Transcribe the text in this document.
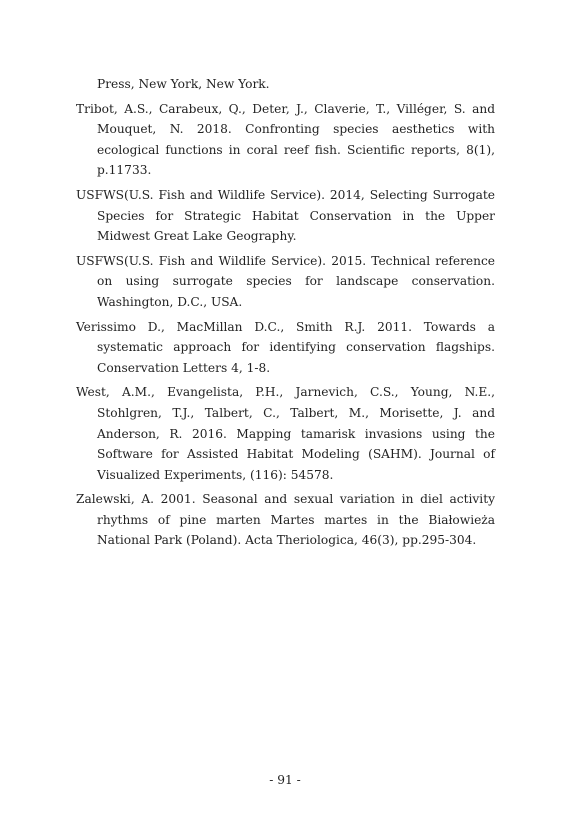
Press, New York, New York.

Tribot, A.S., Carabeux, Q., Deter, J., Claverie, T., Villéger, S. and Mouquet, N. 2018. Confronting species aesthetics with ecological functions in coral reef fish. Scientific reports, 8(1), p.11733.

USFWS(U.S. Fish and Wildlife Service). 2014, Selecting Surrogate Species for Strategic Habitat Conservation in the Upper Midwest Great Lake Geography.

USFWS(U.S. Fish and Wildlife Service). 2015. Technical reference on using surrogate species for landscape conservation. Washington, D.C., USA.

Verissimo D., MacMillan D.C., Smith R.J. 2011. Towards a systematic approach for identifying conservation flagships. Conservation Letters 4, 1-8.

West, A.M., Evangelista, P.H., Jarnevich, C.S., Young, N.E., Stohlgren, T.J., Talbert, C., Talbert, M., Morisette, J. and Anderson, R. 2016. Mapping tamarisk invasions using the Software for Assisted Habitat Modeling (SAHM). Journal of Visualized Experiments, (116): 54578.

Zalewski, A. 2001. Seasonal and sexual variation in diel activity rhythms of pine marten Martes martes in the Białowieża National Park (Poland). Acta Theriologica, 46(3), pp.295-304.

- 91 -
